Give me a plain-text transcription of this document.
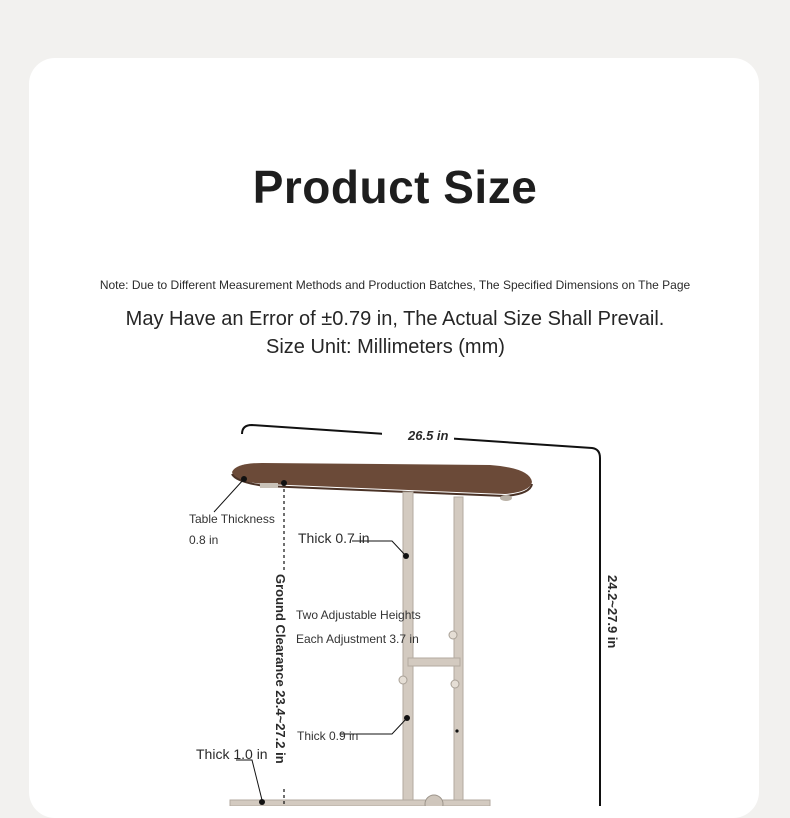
Product Size
Note: Due to Different Measurement Methods and Production Batches, The Specified Dimensions on The Page
May Have an Error of ±0.79 in, The Actual Size Shall Prevail.
Size Unit: Millimeters (mm)
26.5 in
24.2~27.9 in
Table Thickness
0.8 in
Ground Clearance 23.4~27.2 in
Thick 0.7 in
Two Adjustable Heights
Each Adjustment 3.7 in
Thick 0.9 in
Thick 1.0 in
